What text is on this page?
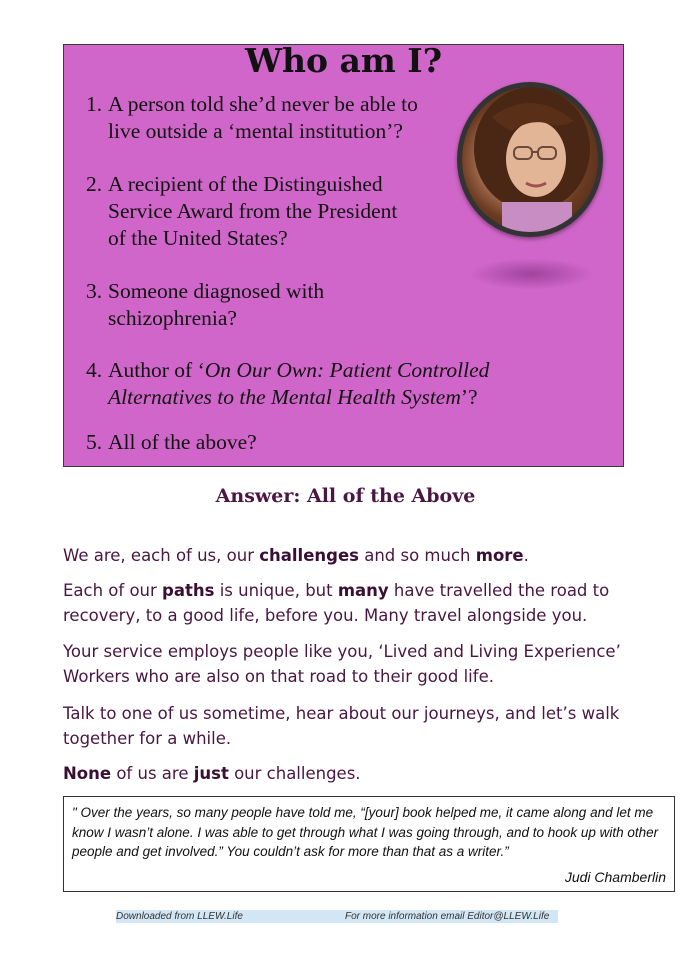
Who am I?
1. A person told she’d never be able to
live outside a ‘mental institution’?
2. A recipient of the Distinguished
Service Award from the President
of the United States?
3. Someone diagnosed with
schizophrenia?
4. Author of ‘On Our Own: Patient Controlled
Alternatives to the Mental Health System’?
5. All of the above?
Answer: All of the Above
We are, each of us, our challenges and so much more.
Each of our paths is unique, but many have travelled the road to recovery, to a good life, before you. Many travel alongside you.
Your service employs people like you, ‘Lived and Living Experience’ Workers who are also on that road to their good life.
Talk to one of us sometime, hear about our journeys, and let’s walk together for a while.
None of us are just our challenges.
" Over the years, so many people have told me, “[your] book helped me, it came along and let me know I wasn’t alone. I was able to get through what I was going through, and to hook up with other people and get involved.” You couldn’t ask for more than that as a writer.”
Judi Chamberlin
Downloaded from LLEW.Life	For more information email Editor@LLEW.Life
